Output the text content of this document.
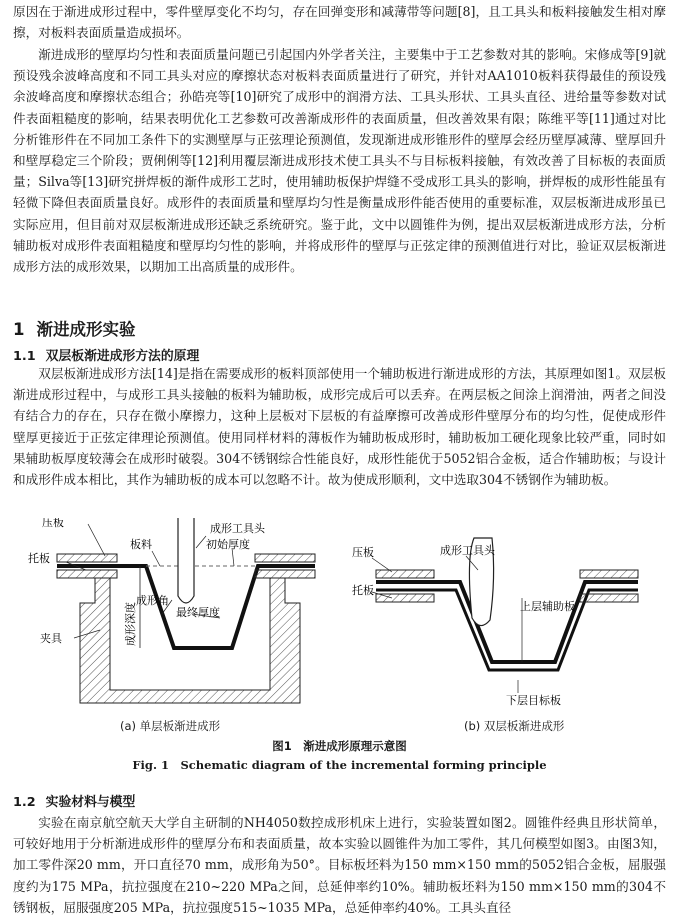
原因在于渐进成形过程中，零件壁厚变化不均匀，存在回弹变形和减薄带等问题[8]，且工具头和板料接触发生相对摩擦，对板料表面质量造成损坏。

渐进成形的壁厚均匀性和表面质量问题已引起国内外学者关注，主要集中于工艺参数对其的影响。宋修成等[9]就预设残余波峰高度和不同工具头对应的摩擦状态对板料表面质量进行了研究，并针对AA1010板料获得最佳的预设残余波峰高度和摩擦状态组合；孙皓亮等[10]研究了成形中的润滑方法、工具头形状、工具头直径、进给量等参数对试件表面粗糙度的影响，结果表明优化工艺参数可改善渐成形件的表面质量，但改善效果有限；陈维平等[11]通过对比分析锥形件在不同加工条件下的实测壁厚与正弦理论预测值，发现渐进成形锥形件的壁厚会经历壁厚减薄、壁厚回升和壁厚稳定三个阶段；贾俐俐等[12]利用覆层渐进成形技术使工具头不与目标板料接触，有效改善了目标板的表面质量；Silva等[13]研究拼焊板的渐件成形工艺时，使用辅助板保护焊缝不受成形工具头的影响，拼焊板的成形性能虽有轻微下降但表面质量良好。成形件的表面质量和壁厚均匀性是衡量成形件能否使用的重要标准，双层板渐进成形虽已实际应用，但目前对双层板渐进成形还缺乏系统研究。鉴于此，文中以圆锥件为例，提出双层板渐进成形方法，分析辅助板对成形件表面粗糙度和壁厚均匀性的影响，并将成形件的壁厚与正弦定律的预测值进行对比，验证双层板渐进成形方法的成形效果，以期加工出高质量的成形件。

1 渐进成形实验
1.1 双层板渐进成形方法的原理

双层板渐进成形方法[14]是指在需要成形的板料顶部使用一个辅助板进行渐进成形的方法，其原理如图1。双层板渐进成形过程中，与成形工具头接触的板料为辅助板，成形完成后可以丢弃。在两层板之间涂上润滑油，两者之间没有结合力的存在，只存在微小摩擦力，这种上层板对下层板的有益摩擦可改善成形件壁厚分布的均匀性，促使成形件壁厚更接近于正弦定律理论预测值。使用同样材料的薄板作为辅助板成形时，辅助板加工硬化现象比较严重，同时如果辅助板厚度较薄会在成形时破裂。304不锈钢综合性能良好，成形性能优于5052铝合金板，适合作辅助板；与设计和成形件成本相比，其作为辅助板的成本可以忽略不计。故为使成形顺利，文中选取304不锈钢作为辅助板。

压板	成形工具头
板料	初始厚度
托板
成形角
最终厚度
成形深度
夹具
压板	成形工具头
托板
上层辅助板
下层目标板
(a) 单层板渐进成形	(b) 双层板渐进成形
图1　渐进成形原理示意图
Fig. 1　Schematic diagram of the incremental forming principle
1.2 实验材料与模型

实验在南京航空航天大学自主研制的NH4050数控成形机床上进行，实验装置如图2。圆锥件经典且形状简单，可较好地用于分析渐进成形件的壁厚分布和表面质量，故本实验以圆锥件为加工零件，其几何模型如图3。由图3知，加工零件深20 mm，开口直径70 mm，成形角为50°。目标板坯料为150 mm×150 mm的5052铝合金板，屈服强度约为175 MPa，抗拉强度在210~220 MPa之间，总延伸率约10%。辅助板坯料为150 mm×150 mm的304不锈钢板，屈服强度205 MPa，抗拉强度515~1035 MPa，总延伸率约40%。工具头直径
